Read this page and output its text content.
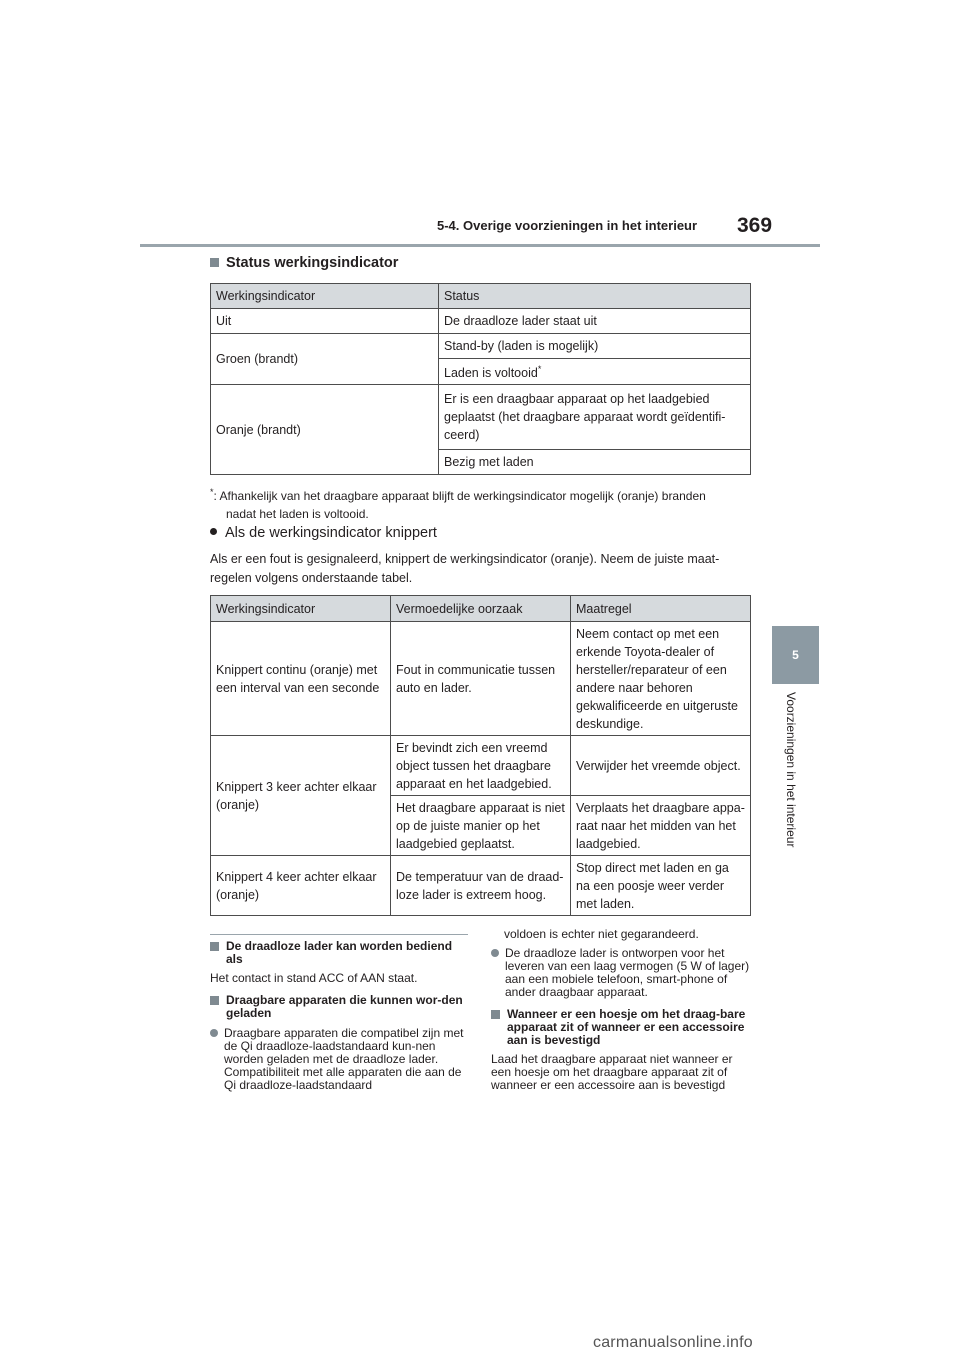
5-4. Overige voorzieningen in het interieur 369
5
Voorzieningen in het interieur
Status werkingsindicator
Werkingsindicator	Status
Uit	De draadloze lader staat uit
Groen (brandt)	Stand-by (laden is mogelijk)
	Laden is voltooid*
Oranje (brandt)	Er is een draagbaar apparaat op het laadgebied geplaatst (het draagbare apparaat wordt geïdentifi-ceerd)
	Bezig met laden
*: Afhankelijk van het draagbare apparaat blijft de werkingsindicator mogelijk (oranje) branden
nadat het laden is voltooid.
Als de werkingsindicator knippert
Als er een fout is gesignaleerd, knippert de werkingsindicator (oranje). Neem de juiste maat-regelen volgens onderstaande tabel.
Werkingsindicator	Vermoedelijke oorzaak	Maatregel
Knippert continu (oranje) met een interval van een seconde	Fout in communicatie tussen auto en lader.	Neem contact op met een erkende Toyota-dealer of hersteller/reparateur of een andere naar behoren gekwalificeerde en uitgeruste deskundige.
Knippert 3 keer achter elkaar (oranje)	Er bevindt zich een vreemd object tussen het draagbare apparaat en het laadgebied.	Verwijder het vreemde object.
	Het draagbare apparaat is niet op de juiste manier op het laadgebied geplaatst.	Verplaats het draagbare appa-raat naar het midden van het laadgebied.
Knippert 4 keer achter elkaar (oranje)	De temperatuur van de draad-loze lader is extreem hoog.	Stop direct met laden en ga na een poosje weer verder met laden.
De draadloze lader kan worden bediend als

Het contact in stand ACC of AAN staat.

Draagbare apparaten die kunnen wor-den geladen
Draagbare apparaten die compatibel zijn met de Qi draadloze-laadstandaard kun-nen worden geladen met de draadloze lader. Compatibiliteit met alle apparaten die aan de Qi draadloze-laadstandaard

voldoen is echter niet gegarandeerd.

De draadloze lader is ontworpen voor het leveren van een laag vermogen (5 W of lager) aan een mobiele telefoon, smart-phone of ander draagbaar apparaat.
Wanneer er een hoesje om het draag-bare apparaat zit of wanneer er een accessoire aan is bevestigd

Laad het draagbare apparaat niet wanneer er een hoesje om het draagbare apparaat zit of wanneer er een accessoire aan is bevestigd

carmanualsonline.info
